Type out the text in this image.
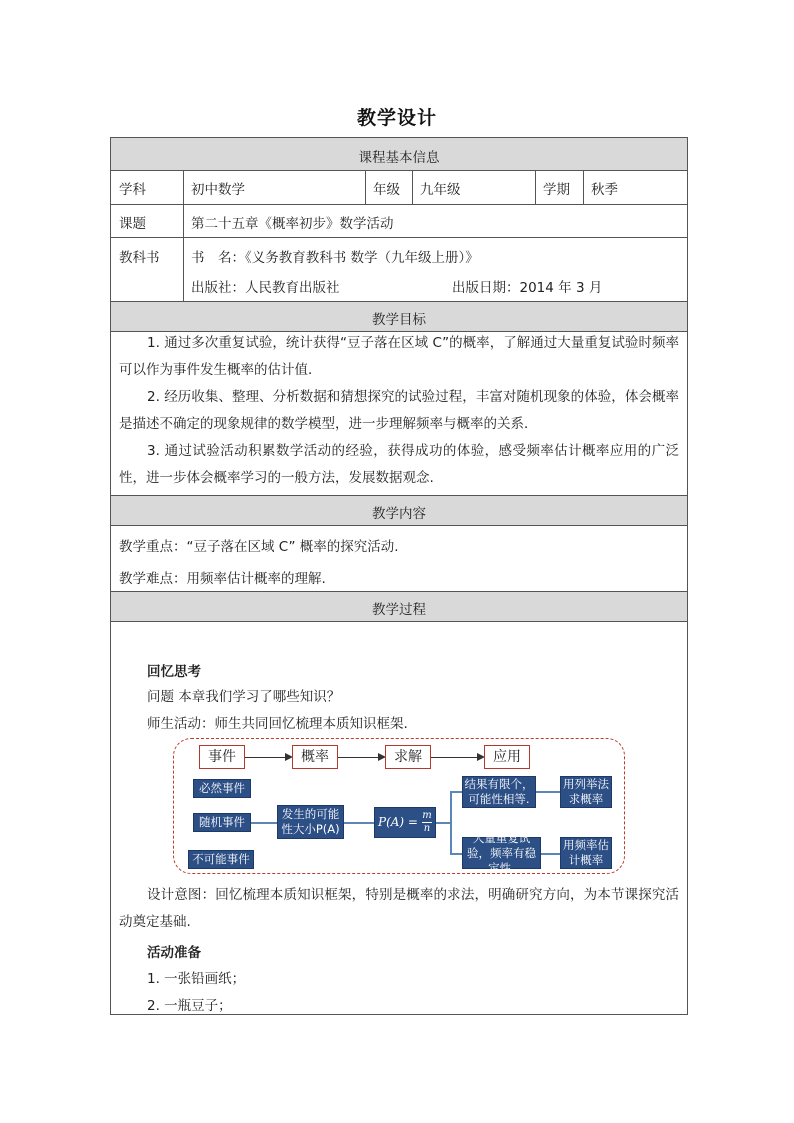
教学设计
课程基本信息
学科	初中数学	年级 九年级	学期 秋季
课题	第二十五章《概率初步》数学活动
教科书 书　名：《义务教育教科书 数学（九年级上册）》
出版社：人民教育出版社	出版日期：2014 年 3 月
教学目标
1. 通过多次重复试验，统计获得“豆子落在区域 C”的概率，了解通过大量重复试验时频率可以作为事件发生概率的估计值．
2. 经历收集、整理、分析数据和猜想探究的试验过程，丰富对随机现象的体验，体会概率是描述不确定的现象规律的数学模型，进一步理解频率与概率的关系．
3. 通过试验活动积累数学活动的经验，获得成功的体验，感受频率估计概率应用的广泛性，进一步体会概率学习的一般方法，发展数据观念.
教学内容
教学重点：“豆子落在区域 C” 概率的探究活动.
教学难点：用频率估计概率的理解.
教学过程
回忆思考
问题 本章我们学习了哪些知识？
师生活动：师生共同回忆梳理本质知识框架.
事件	概率	求解	应用
必然事件
随机事件
不可能事件
发生的可能性大小P(A)	$P(A) = \frac{m}{n}$
结果有限个，可能性相等.
大量重复试验，频率有稳定性.
用列举法求概率
用频率估计概率
设计意图：回忆梳理本质知识框架，特别是概率的求法，明确研究方向，为本节课探究活动奠定基础.
活动准备
1. 一张铅画纸；
2. 一瓶豆子；
